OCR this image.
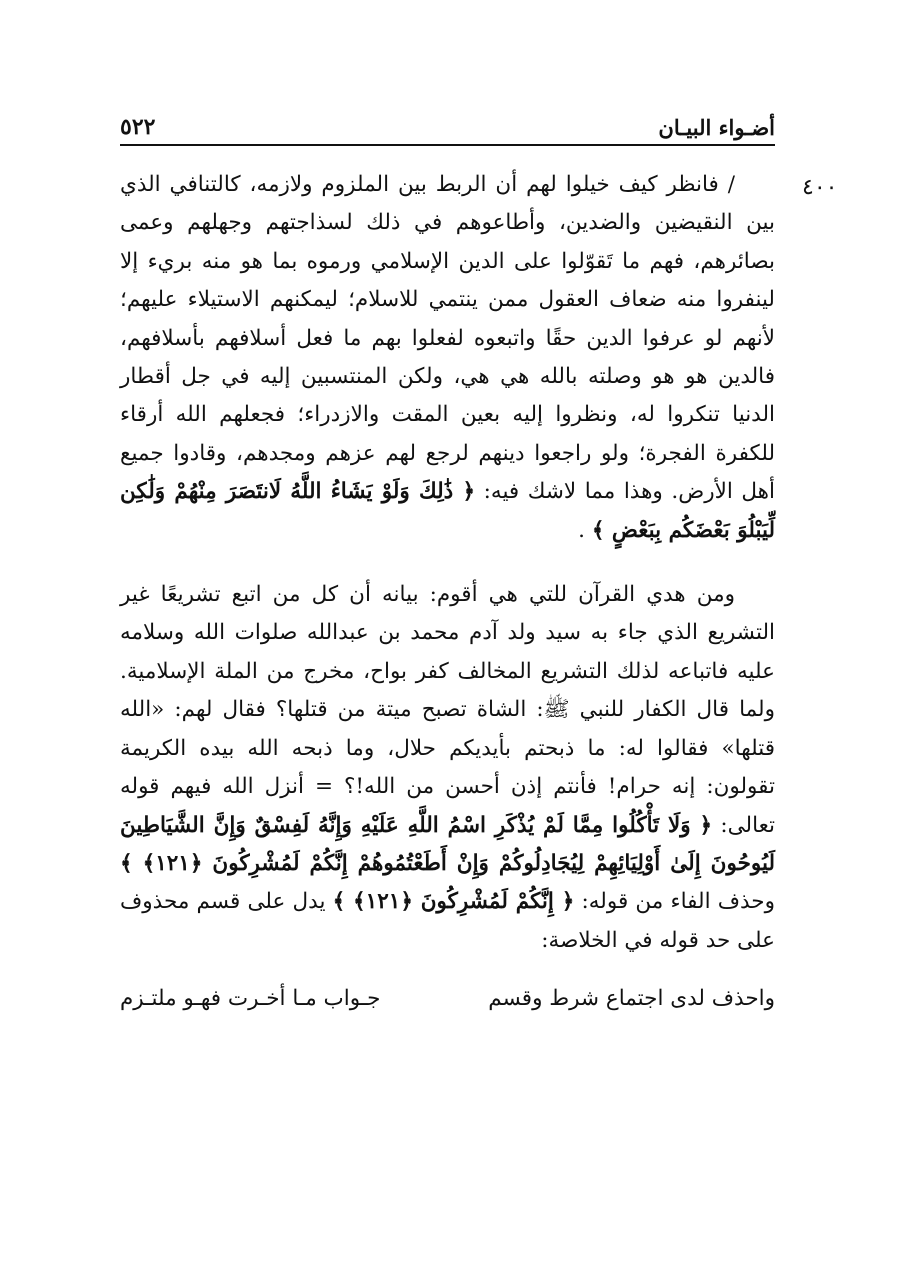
٥٢٢	أضـواء البيـان
٤٠٠

/ فانظر كيف خيلوا لهم أن الربط بين الملزوم ولازمه، كالتنافي الذي بين النقيضين والضدين، وأطاعوهم في ذلك لسذاجتهم وجهلهم وعمى بصائرهم، فهم ما تَقوّلوا على الدين الإسلامي ورموه بما هو منه بريء إلا لينفروا منه ضعاف العقول ممن ينتمي للاسلام؛ ليمكنهم الاستيلاء عليهم؛ لأنهم لو عرفوا الدين حقًا واتبعوه لفعلوا بهم ما فعل أسلافهم بأسلافهم، فالدين هو هو وصلته بالله هي هي، ولكن المنتسبين إليه في جل أقطار الدنيا تنكروا له، ونظروا إليه بعين المقت والازدراء؛ فجعلهم الله أرقاء للكفرة الفجرة؛ ولو راجعوا دينهم لرجع لهم عزهم ومجدهم، وقادوا جميع أهل الأرض. وهذا مما لاشك فيه: ﴿ ذَٰلِكَ وَلَوْ يَشَاءُ اللَّهُ لَانتَصَرَ مِنْهُمْ وَلَٰكِن لِّيَبْلُوَ بَعْضَكُم بِبَعْضٍ ﴾ .

ومن هدي القرآن للتي هي أقوم: بيانه أن كل من اتبع تشريعًا غير التشريع الذي جاء به سيد ولد آدم محمد بن عبدالله صلوات الله وسلامه عليه فاتباعه لذلك التشريع المخالف كفر بواح، مخرج من الملة الإسلامية. ولما قال الكفار للنبي ﷺ: الشاة تصبح ميتة من قتلها؟ فقال لهم: «الله قتلها» فقالوا له: ما ذبحتم بأيديكم حلال، وما ذبحه الله بيده الكريمة تقولون: إنه حرام! فأنتم إذن أحسن من الله!؟ = أنزل الله فيهم قوله تعالى: ﴿ وَلَا تَأْكُلُوا مِمَّا لَمْ يُذْكَرِ اسْمُ اللَّهِ عَلَيْهِ وَإِنَّهُ لَفِسْقٌ وَإِنَّ الشَّيَاطِينَ لَيُوحُونَ إِلَىٰ أَوْلِيَائِهِمْ لِيُجَادِلُوكُمْ وَإِنْ أَطَعْتُمُوهُمْ إِنَّكُمْ لَمُشْرِكُونَ ﴿١٢١﴾ ﴾ وحذف الفاء من قوله: ﴿ إِنَّكُمْ لَمُشْرِكُونَ ﴿١٢١﴾ ﴾ يدل على قسم محذوف على حد قوله في الخلاصة:

واحذف لدى اجتماع شرط وقسم
جـواب مـا أخـرت فهـو ملتـزم
